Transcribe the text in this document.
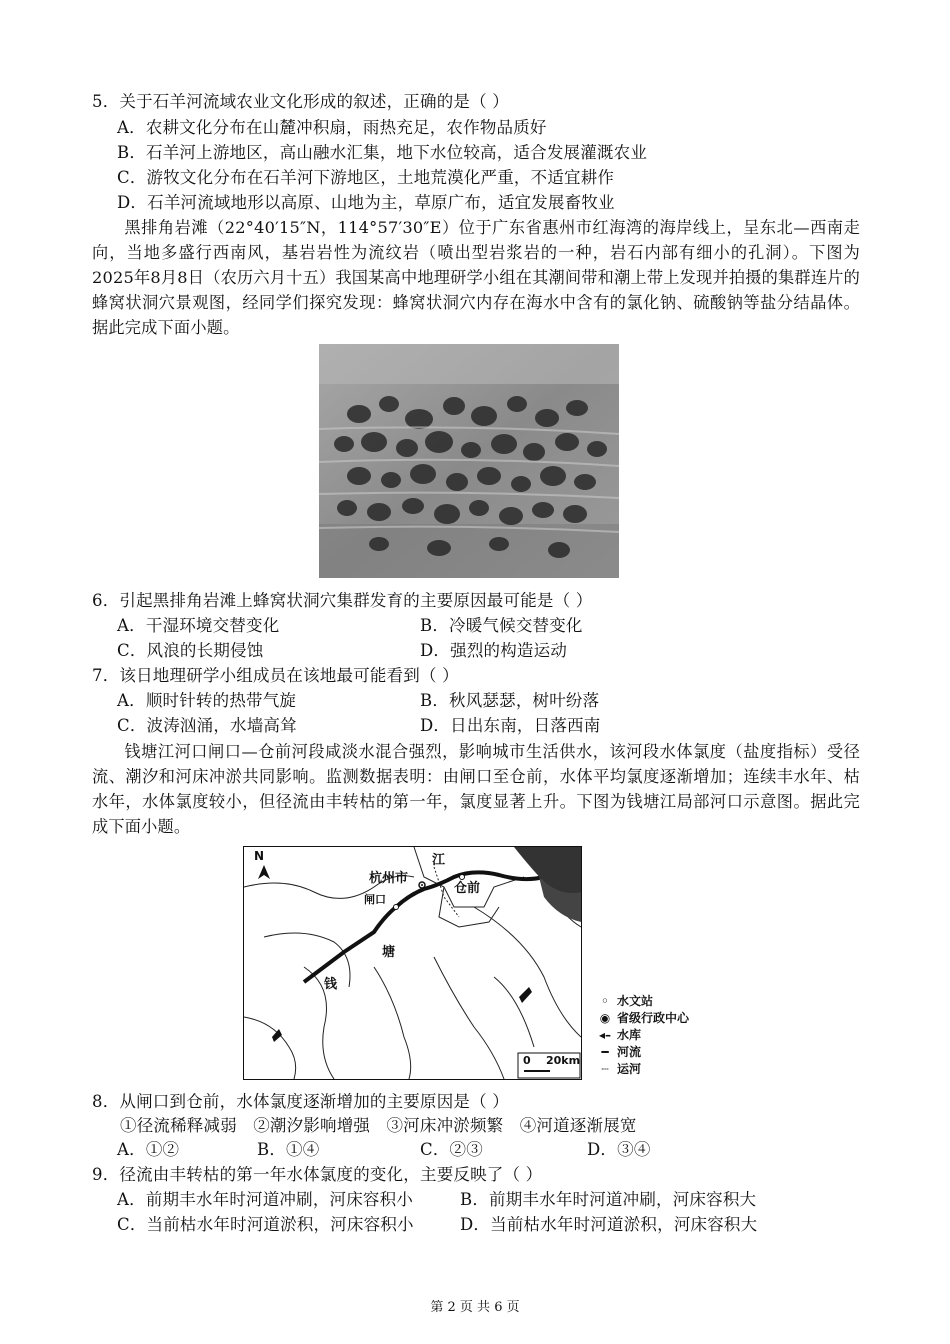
5．关于石羊河流域农业文化形成的叙述，正确的是（ ）
A．农耕文化分布在山麓冲积扇，雨热充足，农作物品质好
B．石羊河上游地区，高山融水汇集，地下水位较高，适合发展灌溉农业
C．游牧文化分布在石羊河下游地区，土地荒漠化严重，不适宜耕作
D．石羊河流域地形以高原、山地为主，草原广布，适宜发展畜牧业
黑排角岩滩（22°40′15″N，114°57′30″E）位于广东省惠州市红海湾的海岸线上，呈东北—西南走向，当地多盛行西南风，基岩岩性为流纹岩（喷出型岩浆岩的一种，岩石内部有细小的孔洞）。下图为2025年8月8日（农历六月十五）我国某高中地理研学小组在其潮间带和潮上带上发现并拍摄的集群连片的蜂窝状洞穴景观图，经同学们探究发现：蜂窝状洞穴内存在海水中含有的氯化钠、硫酸钠等盐分结晶体。据此完成下面小题。
6．引起黑排角岩滩上蜂窝状洞穴集群发育的主要原因最可能是（ ）
A．干湿环境交替变化	B．冷暖气候交替变化
C．风浪的长期侵蚀	D．强烈的构造运动
7．该日地理研学小组成员在该地最可能看到（ ）
A．顺时针转的热带气旋	B．秋风瑟瑟，树叶纷落
C．波涛汹涌，水墙高耸	D．日出东南，日落西南
钱塘江河口闸口—仓前河段咸淡水混合强烈，影响城市生活供水，该河段水体氯度（盐度指标）受径流、潮汐和河床冲淤共同影响。监测数据表明：由闸口至仓前，水体平均氯度逐渐增加；连续丰水年、枯水年，水体氯度较小，但径流由丰转枯的第一年，氯度显著上升。下图为钱塘江局部河口示意图。据此完成下面小题。
N
杭州市
闸口
仓前
江
塘
钱
0    20km
◦ 水文站
◉ 省级行政中心
◂– 水库
━ 河流
┈ 运河
8．从闸口到仓前，水体氯度逐渐增加的主要原因是（ ）
①径流稀释减弱   ②潮汐影响增强   ③河床冲淤频繁   ④河道逐渐展宽
A．①②	B．①④	C．②③	D．③④
9．径流由丰转枯的第一年水体氯度的变化，主要反映了（ ）
A．前期丰水年时河道冲刷，河床容积小	B．前期丰水年时河道冲刷，河床容积大
C．当前枯水年时河道淤积，河床容积小	D．当前枯水年时河道淤积，河床容积大
第 2 页 共 6 页
